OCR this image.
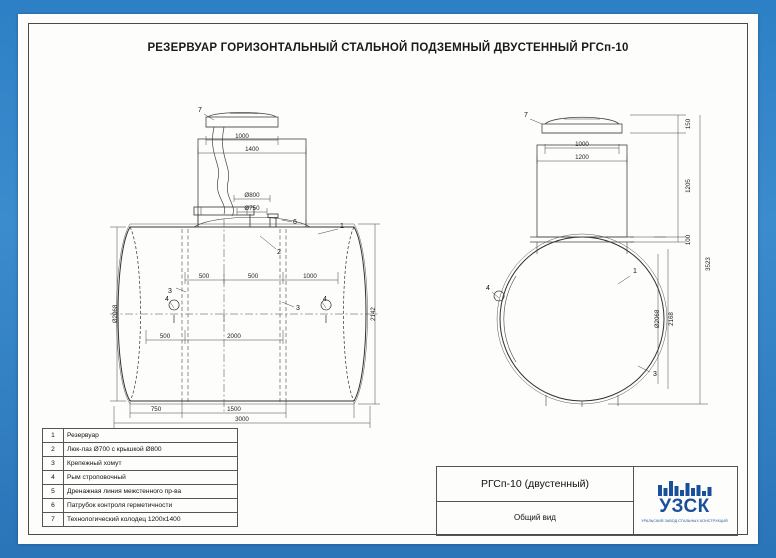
РЕЗЕРВУАР ГОРИЗОНТАЛЬНЫЙ СТАЛЬНОЙ ПОДЗЕМНЫЙ ДВУСТЕННЫЙ РГСп-10
1000
1400
Ø800
Ø750
500	500	1000
500	2000
750	1500
3000
Ø2068	2142
1000
1200
150
1205
100
3523
Ø2068 2168
7
6
1
2
3
3
4	4
7
1
4
3
1	Резервуар
2	Люк-лаз Ø700 с крышкой Ø800
3	Крепежный хомут
4	Рым строповочный
5	Дренажная линия межстенного пр-ва
6	Патрубок контроля герметичности
7	Технологический колодец 1200х1400
РГСп-10 (двустенный)
Общий вид
УЗСК
УРАЛЬСКИЙ ЗАВОД СТАЛЬНЫХ КОНСТРУКЦИЙ
